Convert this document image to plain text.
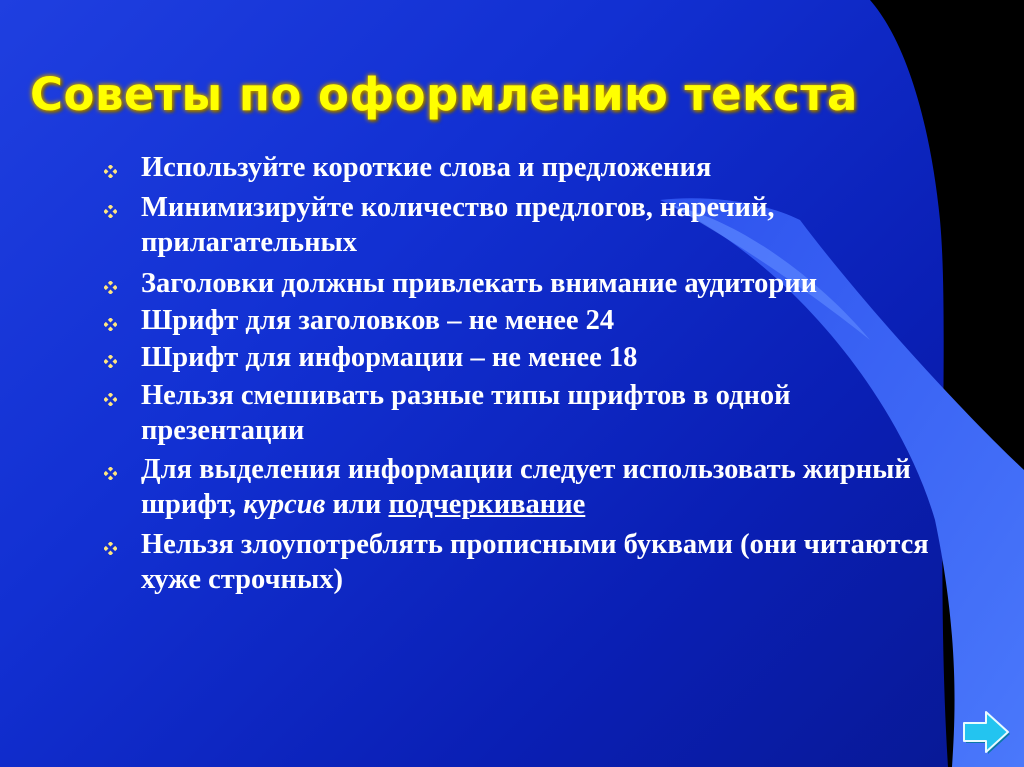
Советы по оформлению текста
Используйте короткие слова и предложения
Минимизируйте количество предлогов, наречий, прилагательных
Заголовки должны привлекать внимание аудитории
Шрифт для заголовков – не менее 24
Шрифт для информации – не менее 18
Нельзя смешивать разные типы шрифтов в одной презентации
Для выделения информации следует использовать жирный шрифт, курсив или подчеркивание
Нельзя злоупотреблять прописными буквами (они читаются хуже строчных)
